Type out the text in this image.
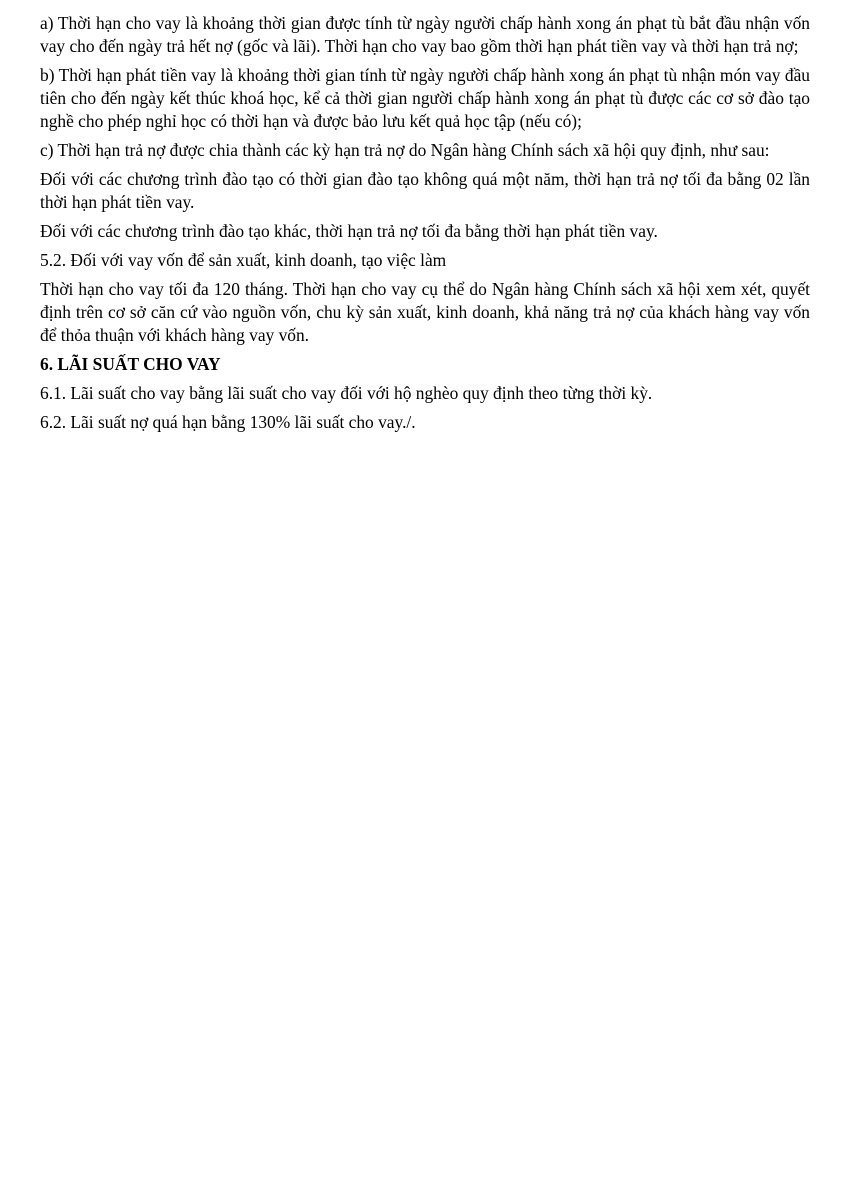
a) Thời hạn cho vay là khoảng thời gian được tính từ ngày người chấp hành xong án phạt tù bắt đầu nhận vốn vay cho đến ngày trả hết nợ (gốc và lãi). Thời hạn cho vay bao gồm thời hạn phát tiền vay và thời hạn trả nợ;

b) Thời hạn phát tiền vay là khoảng thời gian tính từ ngày người chấp hành xong án phạt tù nhận món vay đầu tiên cho đến ngày kết thúc khoá học, kể cả thời gian người chấp hành xong án phạt tù được các cơ sở đào tạo nghề cho phép nghỉ học có thời hạn và được bảo lưu kết quả học tập (nếu có);

c) Thời hạn trả nợ được chia thành các kỳ hạn trả nợ do Ngân hàng Chính sách xã hội quy định, như sau:

Đối với các chương trình đào tạo có thời gian đào tạo không quá một năm, thời hạn trả nợ tối đa bằng 02 lần thời hạn phát tiền vay.

Đối với các chương trình đào tạo khác, thời hạn trả nợ tối đa bằng thời hạn phát tiền vay.

5.2. Đối với vay vốn để sản xuất, kinh doanh, tạo việc làm

Thời hạn cho vay tối đa 120 tháng. Thời hạn cho vay cụ thể do Ngân hàng Chính sách xã hội xem xét, quyết định trên cơ sở căn cứ vào nguồn vốn, chu kỳ sản xuất, kinh doanh, khả năng trả nợ của khách hàng vay vốn để thỏa thuận với khách hàng vay vốn.

6. LÃI SUẤT CHO VAY

6.1. Lãi suất cho vay bằng lãi suất cho vay đối với hộ nghèo quy định theo từng thời kỳ.

6.2. Lãi suất nợ quá hạn bằng 130% lãi suất cho vay./.
